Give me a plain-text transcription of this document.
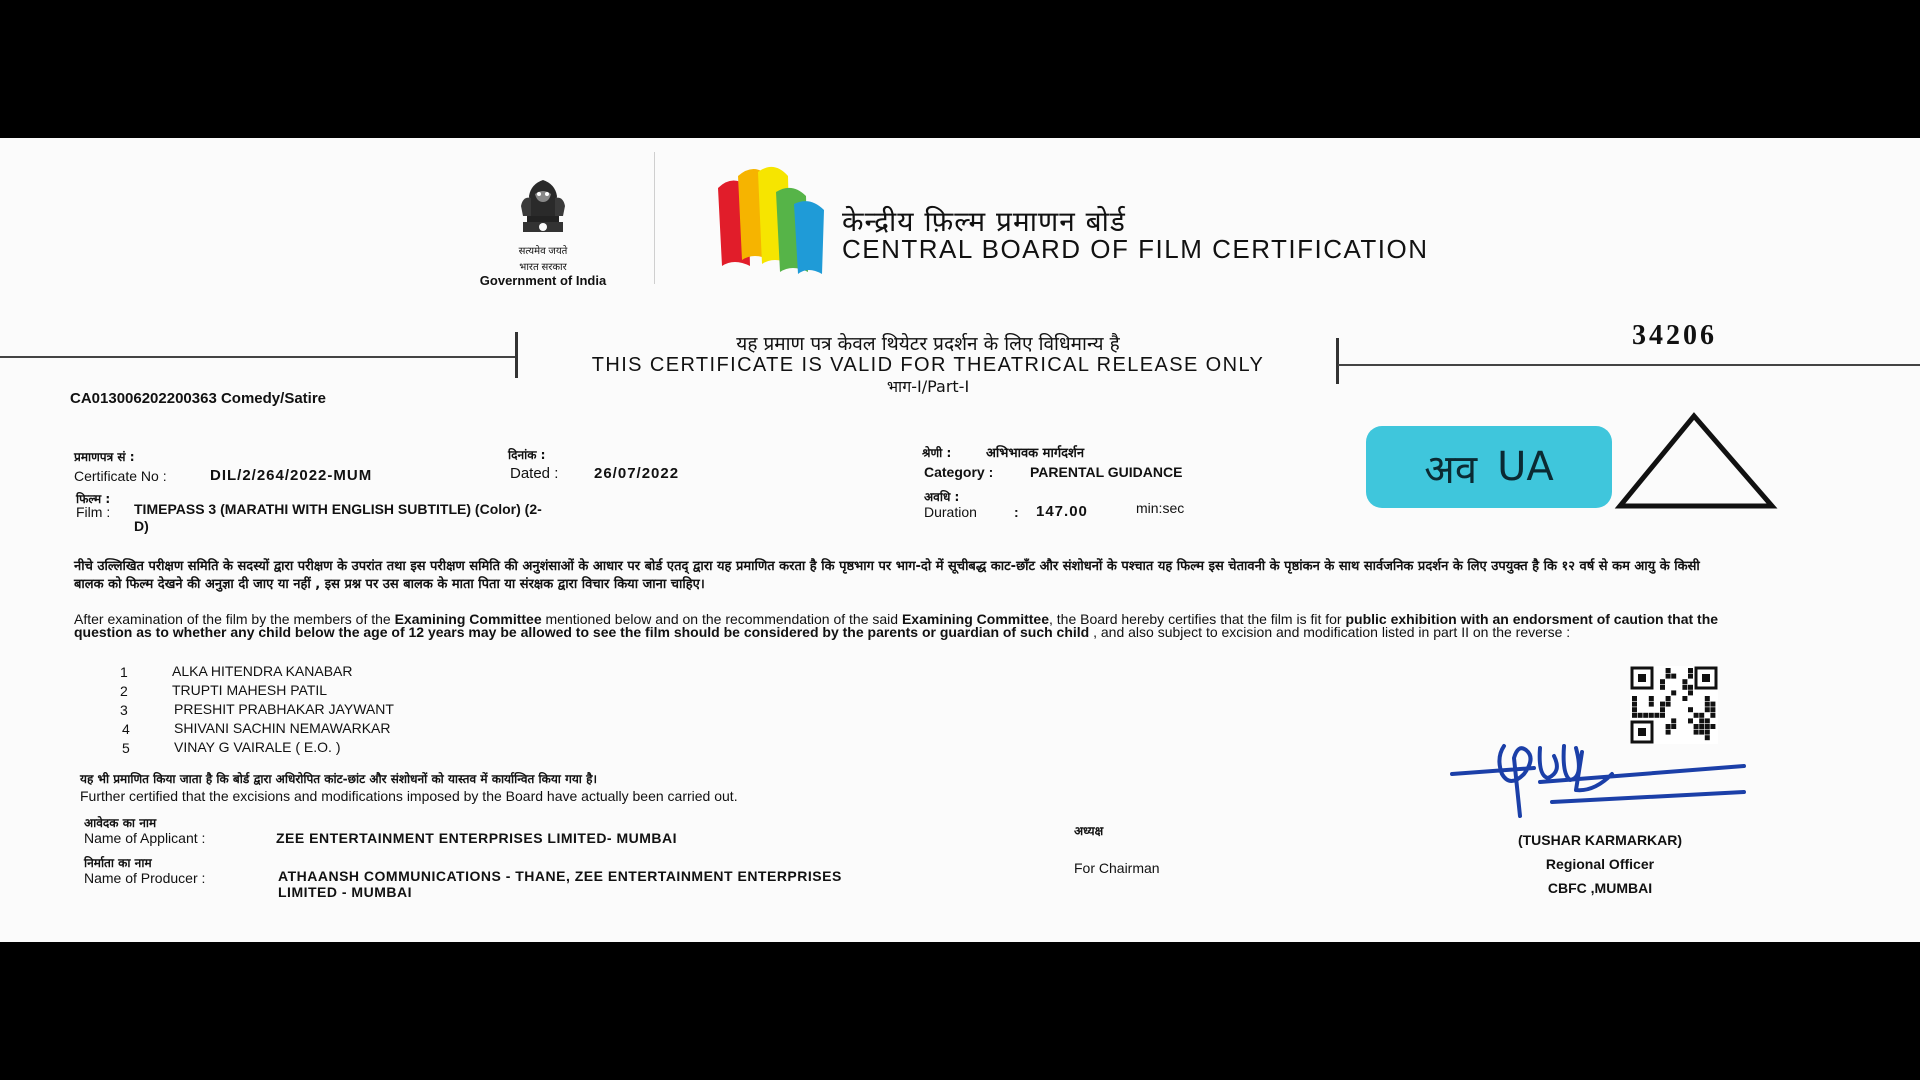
सत्यमेव जयते
भारत सरकार
Government of India
केन्द्रीय फ़िल्म प्रमाणन बोर्ड
CENTRAL BOARD OF FILM CERTIFICATION
यह प्रमाण पत्र केवल थियेटर प्रदर्शन के लिए विधिमान्य है
THIS CERTIFICATE IS VALID FOR THEATRICAL RELEASE ONLY
भाग-I/Part-I
34206
CA013006202200363 Comedy/Satire
प्रमाणपत्र सं :
Certificate No :	DIL/2/264/2022-MUM
दिनांक :
Dated : 26/07/2022
श्रेणी :	अभिभावक मार्गदर्शन
Category :	PARENTAL GUIDANCE
फिल्म :
Film : TIMEPASS 3 (MARATHI WITH ENGLISH SUBTITLE) (Color) (2-
D)
अवधि :
Duration	: 147.00	min:sec
अव UA
नीचे उल्लिखित परीक्षण समिति के सदस्यों द्वारा परीक्षण के उपरांत तथा इस परीक्षण समिति की अनुशंसाओं के आधार पर बोर्ड एतद् द्वारा यह प्रमाणित करता है कि पृष्ठभाग पर भाग-दो में सूचीबद्ध काट-छाँट और संशोधनों के पश्चात यह फिल्म इस चेतावनी के पृष्ठांकन के साथ सार्वजनिक प्रदर्शन के लिए उपयुक्त है कि १२ वर्ष से कम आयु के किसी बालक को फिल्म देखने की अनुज्ञा दी जाए या नहीं , इस प्रश्न पर उस बालक के माता पिता या संरक्षक द्वारा विचार किया जाना चाहिए।
After examination of the film by the members of the Examining Committee mentioned below and on the recommendation of the said Examining Committee, the Board hereby certifies that the film is fit for public exhibition with an endorsment of caution that the question as to whether any child below the age of 12 years may be allowed to see the film should be considered by the parents or guardian of such child , and also subject to excision and modification listed in part II on the reverse :
1	ALKA HITENDRA KANABAR
2	TRUPTI MAHESH PATIL
3	PRESHIT PRABHAKAR JAYWANT
4	SHIVANI SACHIN NEMAWARKAR
5	VINAY G VAIRALE ( E.O. )
यह भी प्रमाणित किया जाता है कि बोर्ड द्वारा अधिरोपित कांट-छांट और संशोधनों को यास्तव में कार्यान्वित किया गया है।
Further certified that the excisions and modifications imposed by the Board have actually been carried out.
आवेदक का नाम
Name of Applicant :	ZEE ENTERTAINMENT ENTERPRISES LIMITED- MUMBAI
निर्माता का नाम
Name of Producer :	ATHAANSH COMMUNICATIONS - THANE, ZEE ENTERTAINMENT ENTERPRISES
LIMITED - MUMBAI
अध्यक्ष
For Chairman
(TUSHAR KARMARKAR)
Regional Officer
CBFC ,MUMBAI
